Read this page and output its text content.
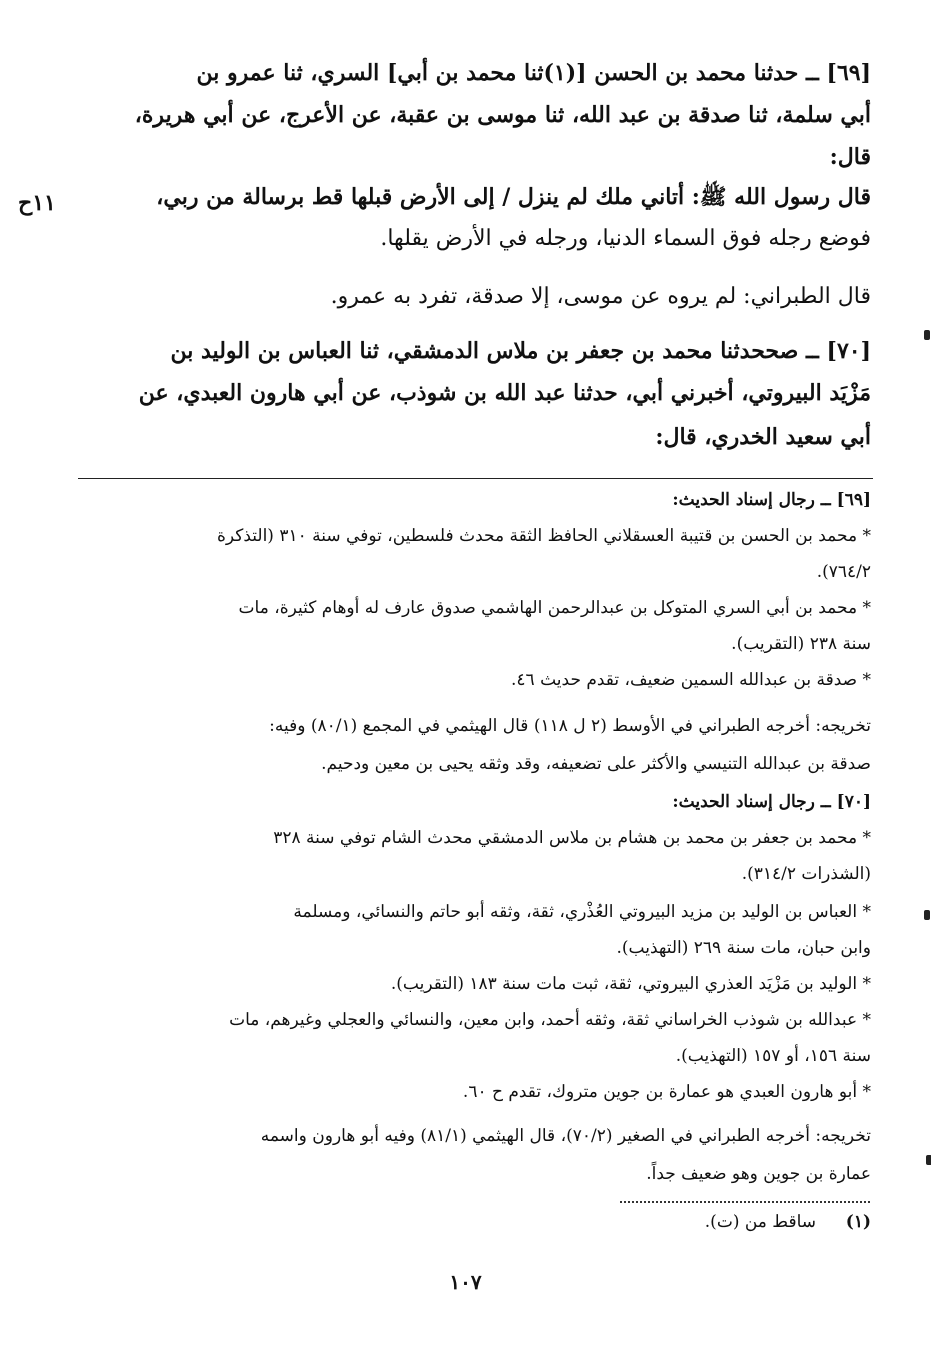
[٦٩] ــ حدثنا محمد بن الحسن [(١)ثنا محمد بن أبي] السري، ثنا عمرو بن
أبي سلمة، ثنا صدقة بن عبد الله، ثنا موسى بن عقبة، عن الأعرج، عن أبي هريرة،
قال:
قال رسول الله ﷺ: أتاني ملك لم ينزل / إلى الأرض قبلها قط برسالة من ربي،
١١ح
فوضع رجله فوق السماء الدنيا، ورجله في الأرض يقلها.
قال الطبراني: لم يروه عن موسى، إلا صدقة، تفرد به عمرو.
[٧٠] ــ صححدثنا محمد بن جعفر بن ملاس الدمشقي، ثنا العباس بن الوليد بن
مَزْيَد البيروتي، أخبرني أبي، حدثنا عبد الله بن شوذب، عن أبي هارون العبدي، عن
أبي سعيد الخدري، قال:
[٦٩] ــ رجال إسناد الحديث:
* محمد بن الحسن بن قتيبة العسقلاني الحافظ الثقة محدث فلسطين، توفي سنة ٣١٠ (التذكرة
٧٦٤/٢).
* محمد بن أبي السري المتوكل بن عبدالرحمن الهاشمي صدوق عارف له أوهام كثيرة، مات
سنة ٢٣٨ (التقريب).
* صدقة بن عبدالله السمين ضعيف، تقدم حديث ٤٦.
تخريجه: أخرجه الطبراني في الأوسط (٢ ل ١١٨) قال الهيثمي في المجمع (٨٠/١) وفيه:
صدقة بن عبدالله التنيسي والأكثر على تضعيفه، وقد وثقه يحيى بن معين ودحيم.
[٧٠] ــ رجال إسناد الحديث:
* محمد بن جعفر بن محمد بن هشام بن ملاس الدمشقي محدث الشام توفي سنة ٣٢٨
(الشذرات ٣١٤/٢).
* العباس بن الوليد بن مزيد البيروتي العُذْري، ثقة، وثقه أبو حاتم والنسائي، ومسلمة
وابن حبان، مات سنة ٢٦٩ (التهذيب).
* الوليد بن مَزْيَد العذري البيروتي، ثقة، ثبت مات سنة ١٨٣ (التقريب).
* عبدالله بن شوذب الخراساني ثقة، وثقه أحمد، وابن معين، والنسائي والعجلي وغيرهم، مات
سنة ١٥٦، أو ١٥٧ (التهذيب).
* أبو هارون العبدي هو عمارة بن جوين متروك، تقدم ح ٦٠.
تخريجه: أخرجه الطبراني في الصغير (٧٠/٢)، قال الهيثمي (٨١/١) وفيه أبو هارون واسمه
عمارة بن جوين وهو ضعيف جداً.
(١)
ساقط من (ت).
١٠٧
